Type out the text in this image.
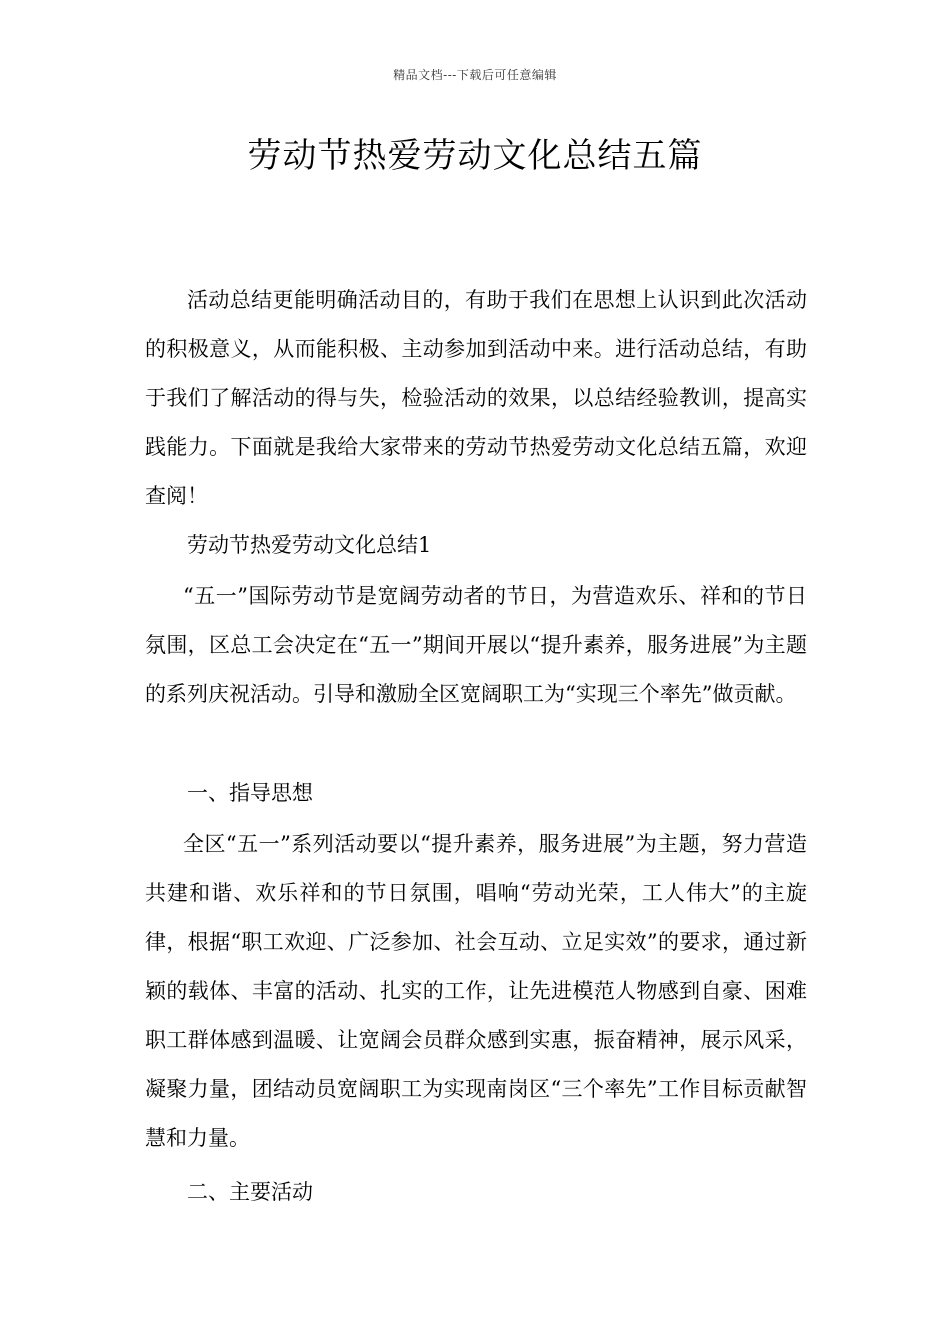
精品文档---下载后可任意编辑
劳动节热爱劳动文化总结五篇

活动总结更能明确活动目的，有助于我们在思想上认识到此次活动的积极意义，从而能积极、主动参加到活动中来。进行活动总结，有助于我们了解活动的得与失，检验活动的效果，以总结经验教训，提高实践能力。下面就是我给大家带来的劳动节热爱劳动文化总结五篇，欢迎查阅！

劳动节热爱劳动文化总结1

“五一”国际劳动节是宽阔劳动者的节日，为营造欢乐、祥和的节日氛围，区总工会决定在“五一”期间开展以“提升素养，服务进展”为主题的系列庆祝活动。引导和激励全区宽阔职工为“实现三个率先”做贡献。

一、指导思想

全区“五一”系列活动要以“提升素养，服务进展”为主题，努力营造共建和谐、欢乐祥和的节日氛围，唱响“劳动光荣，工人伟大”的主旋律，根据“职工欢迎、广泛参加、社会互动、立足实效”的要求，通过新颖的载体、丰富的活动、扎实的工作，让先进模范人物感到自豪、困难职工群体感到温暖、让宽阔会员群众感到实惠，振奋精神，展示风采，凝聚力量，团结动员宽阔职工为实现南岗区“三个率先”工作目标贡献智慧和力量。

二、主要活动
